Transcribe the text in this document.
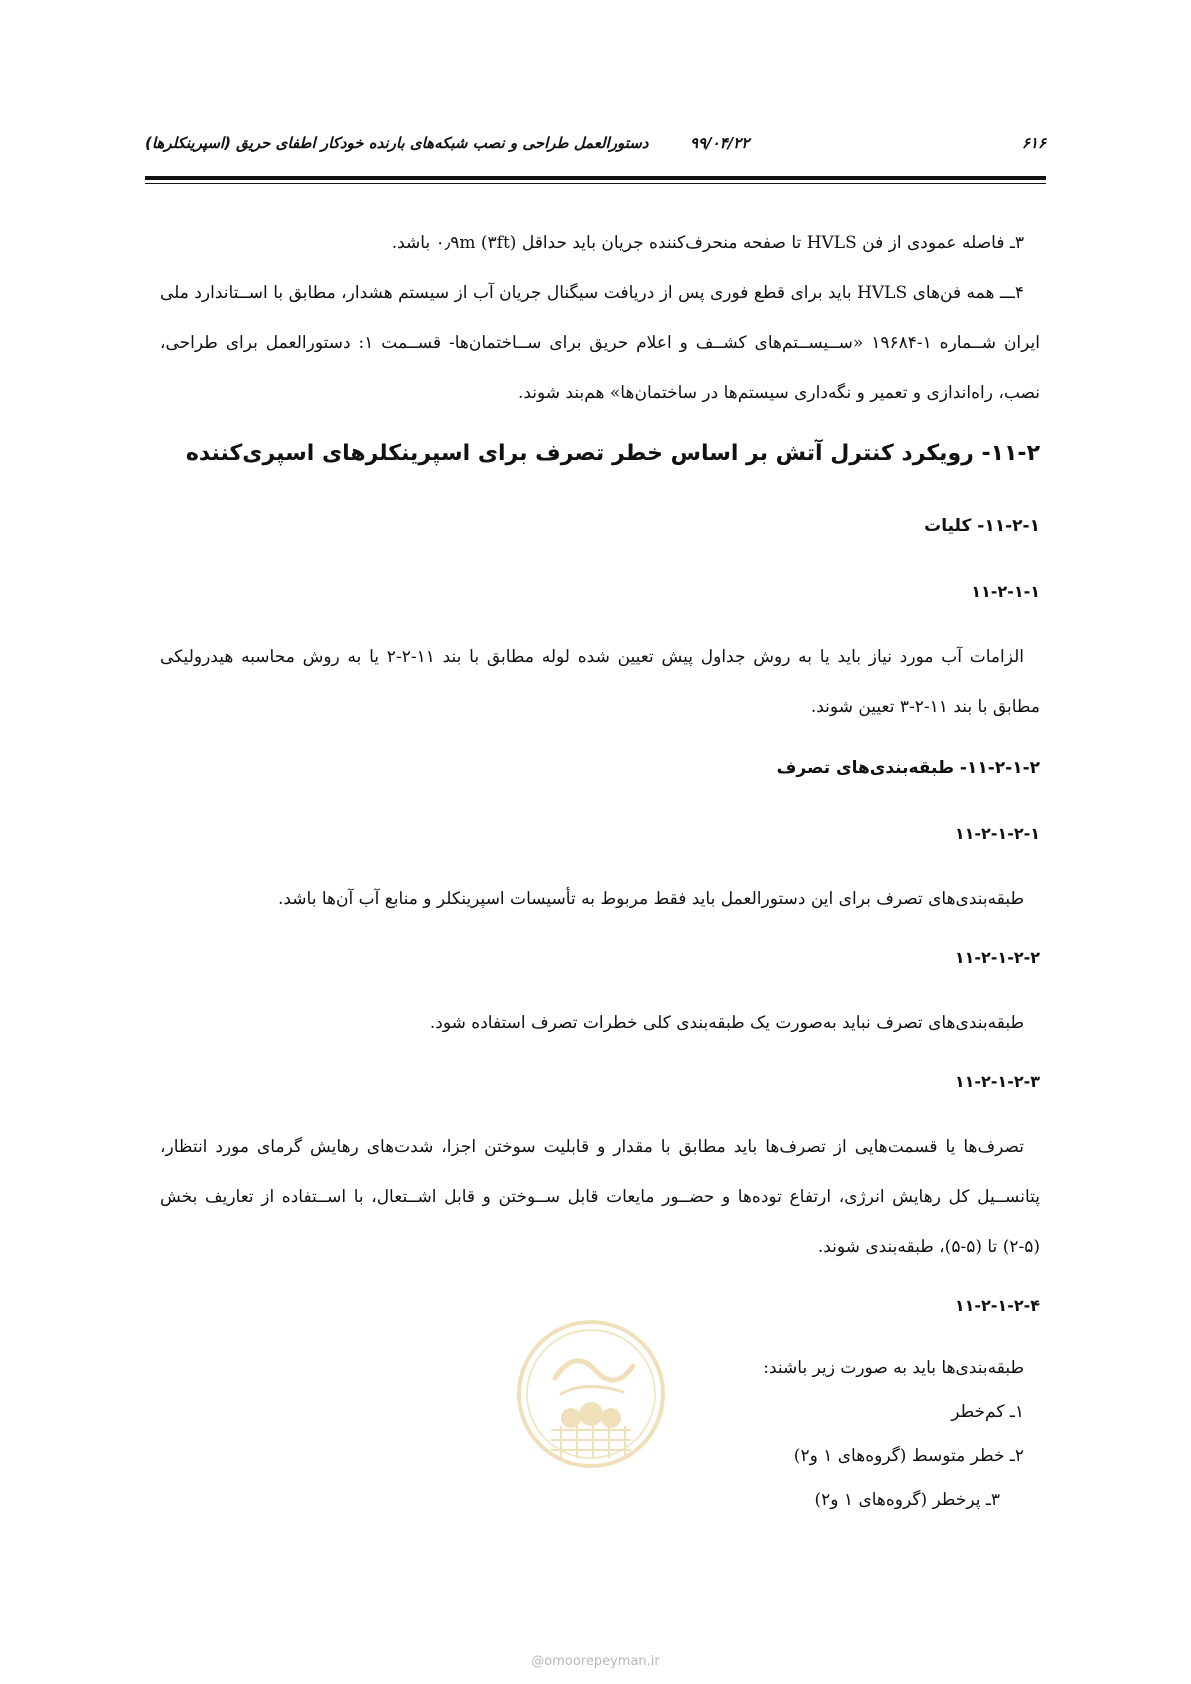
۶۱۶
۹۹/۰۴/۲۲
دستورالعمل طراحی و نصب شبکه‌های بارنده خودکار اطفای حریق (اسپرینکلرها)

۳ـ فاصله عمودی از فن HVLS تا صفحه منحرف‌کننده جریان باید حداقل ۰٫۹m (۳ft) باشد.

۴ـــ همه فن‌های HVLS باید برای قطع فوری پس از دریافت سیگنال جریان آب از سیستم هشدار، مطابق با اســتاندارد ملی ایران شــماره ۱-۱۹۶۸۴ «ســیســتم‌های کشــف و اعلام حریق برای ســاختمان‌ها- قســمت ۱: دستورالعمل برای طراحی، نصب، راه‌اندازی و تعمیر و نگه‌داری سیستم‌ها در ساختمان‌ها» هم‌بند شوند.

۱۱-۲- رویکرد کنترل آتش بر اساس خطر تصرف برای اسپرینکلرهای اسپری‌کننده
۱۱-۲-۱- کلیات
۱۱-۲-۱-۱

الزامات آب مورد نیاز باید یا به روش جداول پیش تعیین شده لوله مطابق با بند ۱۱-۲-۲ یا به روش محاسبه هیدرولیکی مطابق با بند ۱۱-۲-۳ تعیین شوند.

۱۱-۲-۱-۲- طبقه‌بندی‌های تصرف
۱۱-۲-۱-۲-۱

طبقه‌بندی‌های تصرف برای این دستورالعمل باید فقط مربوط به تأسیسات اسپرینکلر و منابع آب آن‌ها باشد.

۱۱-۲-۱-۲-۲

طبقه‌بندی‌های تصرف نباید به‌صورت یک طبقه‌بندی کلی خطرات تصرف استفاده شود.

۱۱-۲-۱-۲-۳

تصرف‌ها یا قسمت‌هایی از تصرف‌ها باید مطابق با مقدار و قابلیت سوختن اجزا، شدت‌های رهایش گرمای مورد انتظار، پتانســیل کل رهایش انرژی، ارتفاع توده‌ها و حضــور مایعات قابل ســوختن و قابل اشــتعال، با اســتفاده از تعاریف بخش (۵-۲) تا (۵-۵)، طبقه‌بندی شوند.

۱۱-۲-۱-۲-۴

طبقه‌بندی‌ها باید به صورت زیر باشند:

۱ـ کم‌خطر

۲ـ خطر متوسط (گروه‌های ۱ و۲)

۳ـ پرخطر (گروه‌های ۱ و۲)

@omoorepeyman.ir
